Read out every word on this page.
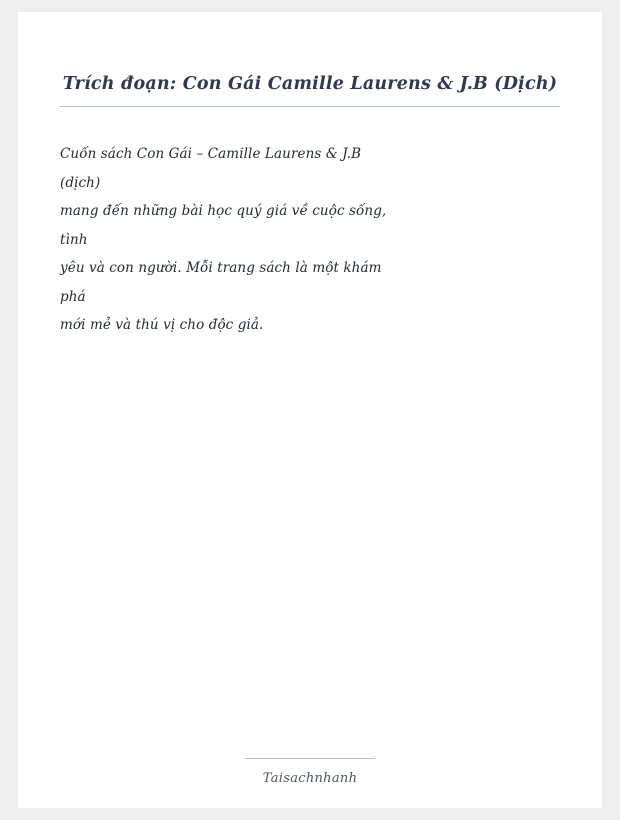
Trích đoạn: Con Gái Camille Laurens & J.B (Dịch)
Cuốn sách Con Gái – Camille Laurens & J.B
(dịch)
mang đến những bài học quý giá về cuộc sống,
tình
yêu và con người. Mỗi trang sách là một khám
phá
mới mẻ và thú vị cho độc giả.
Taisachnhanh
